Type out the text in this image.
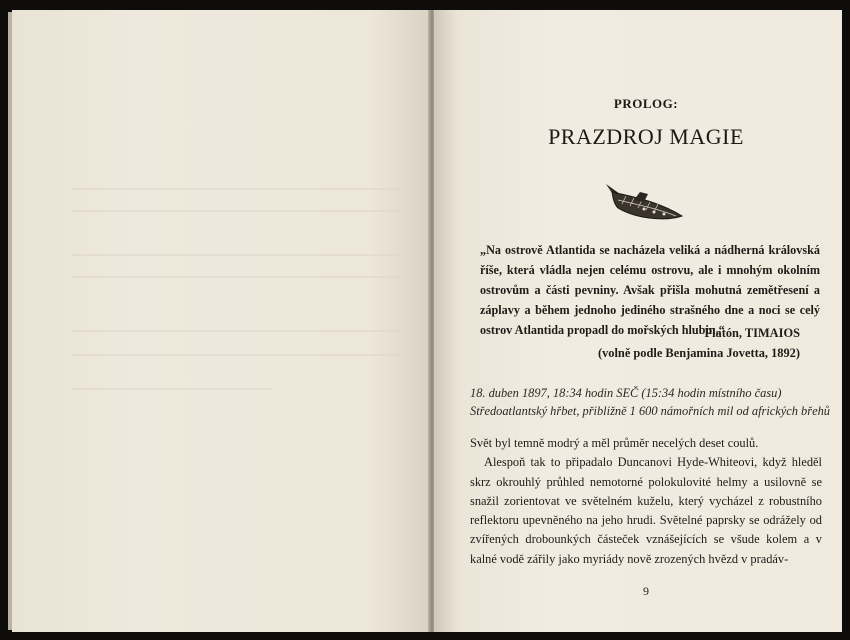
PROLOG:
PRAZDROJ MAGIE

„Na ostrově Atlantida se nacházela veliká a nádherná královská říše, která vládla nejen celému ostrovu, ale i mnohým okolním ostrovům a části pevniny. Avšak přišla mohutná zemětřesení a záplavy a během jednoho jediného strašného dne a noci se celý ostrov Atlantida propadl do mořských hlubin.“

Platón, TIMAIOS
(volně podle Benjamina Jovetta, 1892)
18. duben 1897, 18:34 hodin SEČ (15:34 hodin místního času)
Středoatlantský hřbet, přibližně 1 600 námořních mil od afrických břehů

Svět byl temně modrý a měl průměr necelých deset coulů.

Alespoň tak to připadalo Duncanovi Hyde-Whiteovi, když hleděl skrz okrouhlý průhled nemotorné polokulovité helmy a usilovně se snažil zorientovat ve světelném kuželu, který vycházel z robustního reflektoru upevněného na jeho hrudi. Světelné paprsky se odrážely od zvířených drobounkých částeček vznášejících se všude kolem a v kalné vodě zářily jako myriády nově zrozených hvězd v pradáv-

9
